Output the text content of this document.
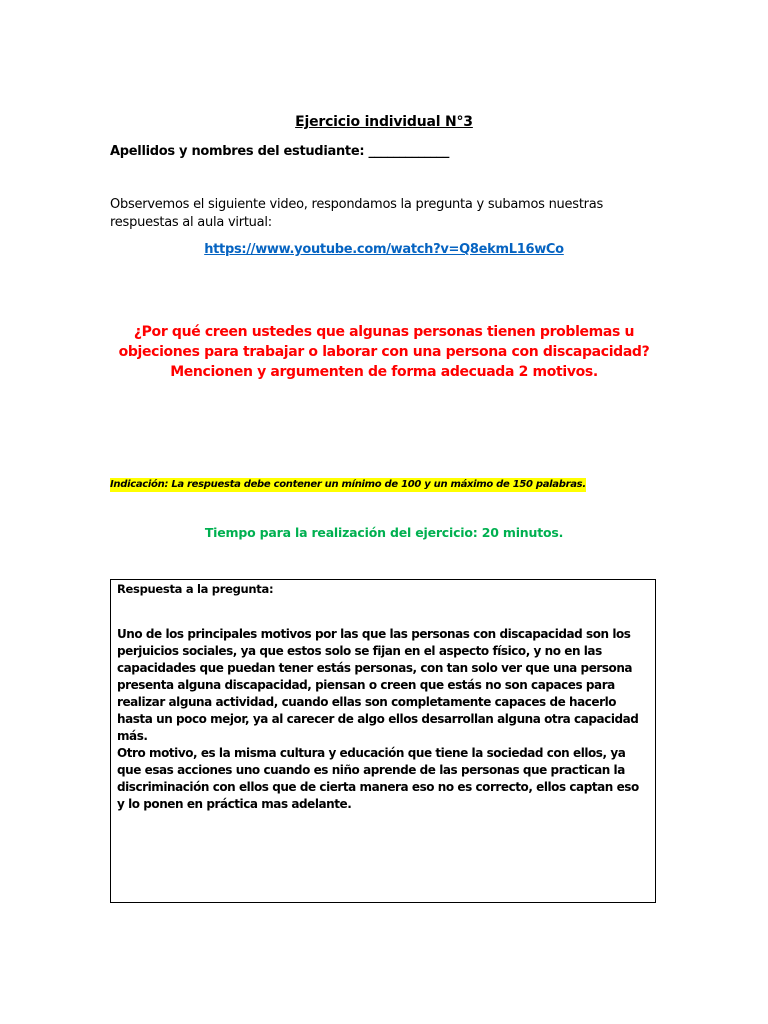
Ejercicio individual N°3
Apellidos y nombres del estudiante: _____________
Observemos el siguiente video, respondamos la pregunta y subamos nuestras respuestas al aula virtual:
https://www.youtube.com/watch?v=Q8ekmL16wCo
¿Por qué creen ustedes que algunas personas tienen problemas u objeciones para trabajar o laborar con una persona con discapacidad? Mencionen y argumenten de forma adecuada 2 motivos.
Indicación: La respuesta debe contener un mínimo de 100 y un máximo de 150 palabras.
Tiempo para la realización del ejercicio: 20 minutos.
Respuesta a la pregunta:

Uno de los principales motivos por las que las personas con discapacidad son los perjuicios sociales, ya que estos solo se fijan en el aspecto físico, y no en las capacidades que puedan tener estás personas, con tan solo ver que una persona presenta alguna discapacidad, piensan o creen que estás no son capaces para realizar alguna actividad, cuando ellas son completamente capaces de hacerlo hasta un poco mejor, ya al carecer de algo ellos desarrollan alguna otra capacidad más.

Otro motivo, es la misma cultura y educación que tiene la sociedad con ellos, ya que esas acciones uno cuando es niño aprende de las personas que practican la discriminación con ellos que de cierta manera eso no es correcto, ellos captan eso y lo ponen en práctica mas adelante.
